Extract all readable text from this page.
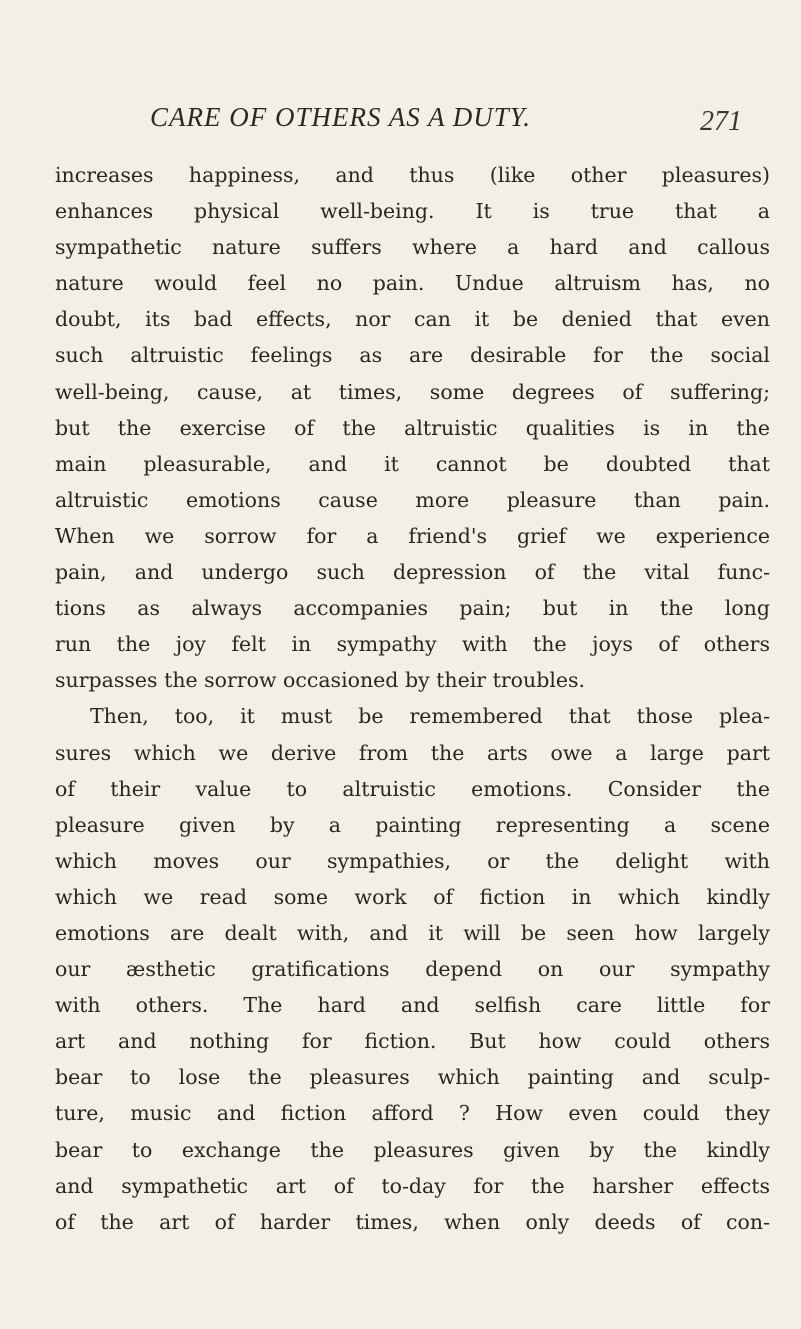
CARE OF OTHERS AS A DUTY.	271
increases happiness, and thus (like other pleasures)
enhances physical well-being. It is true that a
sympathetic nature suffers where a hard and callous
nature would feel no pain. Undue altruism has, no
doubt, its bad effects, nor can it be denied that even
such altruistic feelings as are desirable for the social
well-being, cause, at times, some degrees of suffering;
but the exercise of the altruistic qualities is in the
main pleasurable, and it cannot be doubted that
altruistic emotions cause more pleasure than pain.
When we sorrow for a friend's grief we experience
pain, and undergo such depression of the vital func-
tions as always accompanies pain; but in the long
run the joy felt in sympathy with the joys of others
surpasses the sorrow occasioned by their troubles.
Then, too, it must be remembered that those plea-
sures which we derive from the arts owe a large part
of their value to altruistic emotions. Consider the
pleasure given by a painting representing a scene
which moves our sympathies, or the delight with
which we read some work of fiction in which kindly
emotions are dealt with, and it will be seen how largely
our æsthetic gratifications depend on our sympathy
with others. The hard and selfish care little for
art and nothing for fiction. But how could others
bear to lose the pleasures which painting and sculp-
ture, music and fiction afford ? How even could they
bear to exchange the pleasures given by the kindly
and sympathetic art of to-day for the harsher effects
of the art of harder times, when only deeds of con-
